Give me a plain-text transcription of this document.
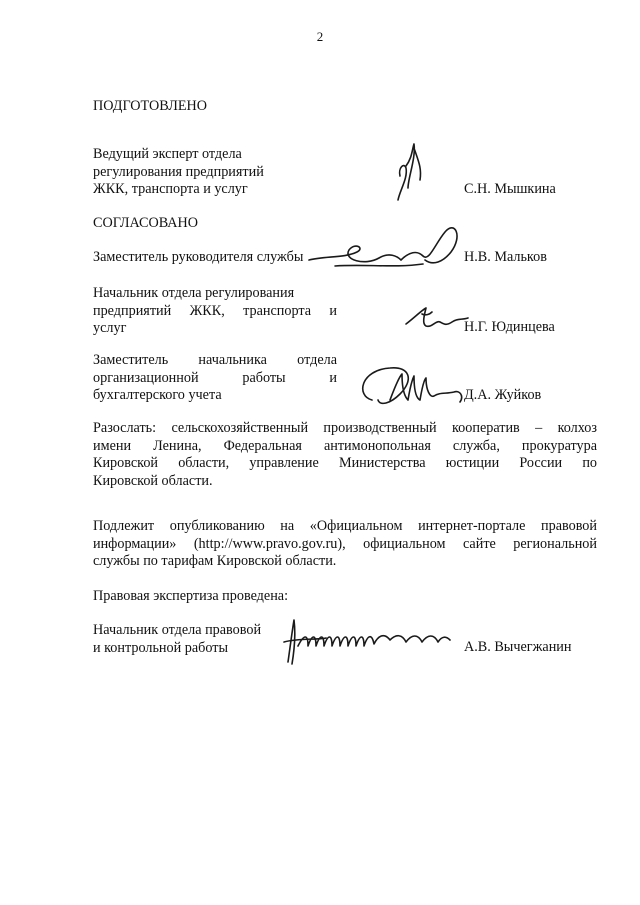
2
ПОДГОТОВЛЕНО
Ведущий эксперт отдела
регулирования предприятий
ЖКК, транспорта и услуг	С.Н. Мышкина
СОГЛАСОВАНО
Заместитель руководителя службы	Н.В. Мальков
Начальник отдела регулирования
предприятий ЖКК, транспорта и
услуг	Н.Г. Юдинцева
Заместитель начальника отдела
организационной работы и
бухгалтерского учета	Д.А. Жуйков
Разослать: сельскохозяйственный производственный кооператив – колхоз
имени Ленина, Федеральная антимонопольная служба, прокуратура
Кировской области, управление Министерства юстиции России по
Кировской области.
Подлежит опубликованию на «Официальном интернет-портале правовой
информации» (http://www.pravo.gov.ru), официальном сайте региональной
службы по тарифам Кировской области.
Правовая экспертиза проведена:
Начальник отдела правовой
и контрольной работы	А.В. Вычегжанин
